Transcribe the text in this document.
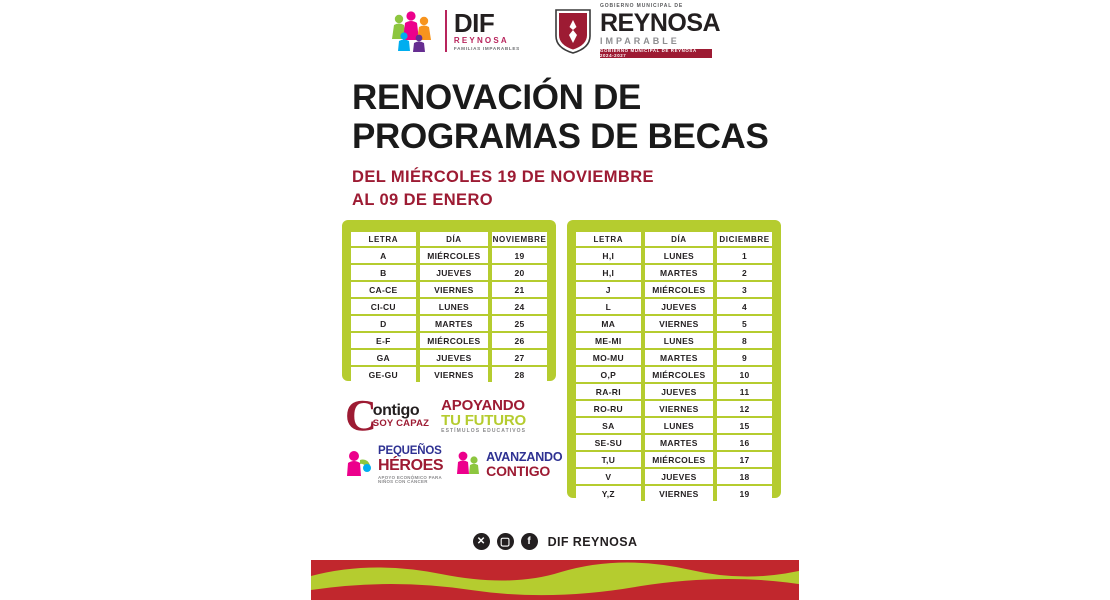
DIF
REYNOSA
FAMILIAS IMPARABLES
GOBIERNO MUNICIPAL DE
REYNOSA
IMPARABLE
GOBIERNO MUNICIPAL DE REYNOSA 2024-2027
RENOVACIÓN DE
PROGRAMAS DE BECAS
DEL MIÉRCOLES 19 DE NOVIEMBRE
AL 09 DE ENERO
LETRA	DÍA	NOVIEMBRE
A	MIÉRCOLES	19
B	JUEVES	20
CA-CE	VIERNES	21
CI-CU	LUNES	24
D	MARTES	25
E-F	MIÉRCOLES	26
GA	JUEVES	27
GE-GU	VIERNES	28
LETRA	DÍA	DICIEMBRE
H,I	LUNES	1
H,I	MARTES	2
J	MIÉRCOLES	3
L	JUEVES	4
MA	VIERNES	5
ME-MI	LUNES	8
MO-MU	MARTES	9
O,P	MIÉRCOLES	10
RA-RI	JUEVES	11
RO-RU	VIERNES	12
SA	LUNES	15
SE-SU	MARTES	16
T,U	MIÉRCOLES	17
V	JUEVES	18
Y,Z	VIERNES	19
C
ontigo
SOY CAPAZ
APOYANDO
TU FUTURO
ESTÍMULOS EDUCATIVOS
PEQUEÑOS
HÉROES
APOYO ECONÓMICO PARA NIÑOS CON CÁNCER
AVANZANDO
CONTIGO
✕	▢	f	DIF REYNOSA
